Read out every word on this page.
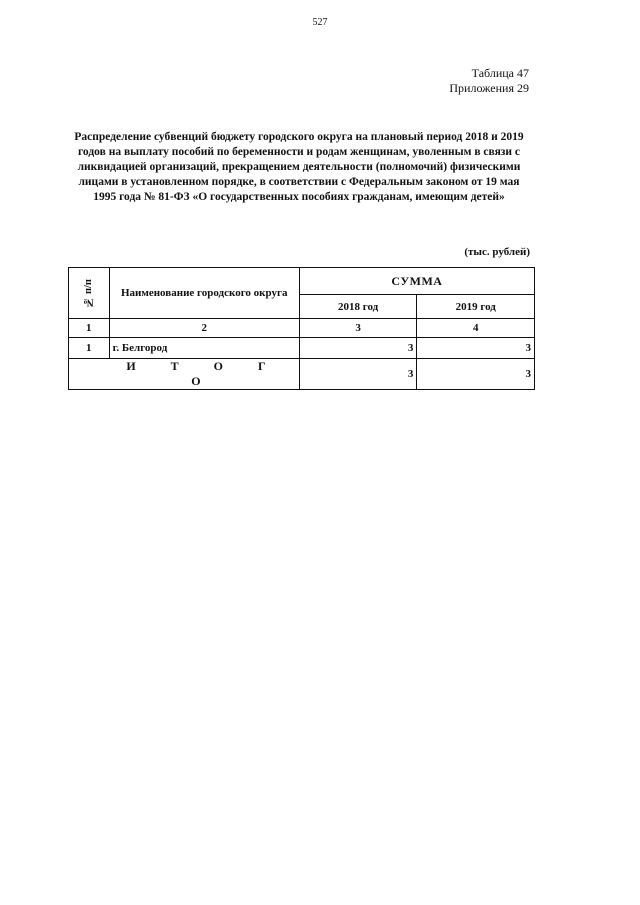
527
Таблица 47
Приложения 29
Распределение субвенций бюджету городского округа на плановый период 2018 и 2019 годов на выплату пособий по беременности и родам женщинам, уволенным в связи с ликвидацией организаций, прекращением деятельности (полномочий) физическими лицами в установленном порядке, в соответствии с Федеральным законом от 19 мая 1995 года № 81-ФЗ «О государственных пособиях гражданам, имеющим детей»
(тыс. рублей)
№ п/п	Наименование городского округа	СУММА	
		2018 год	2019 год
1	2	3	4
1	г. Белгород	3	3
	И Т О Г О	3	3
